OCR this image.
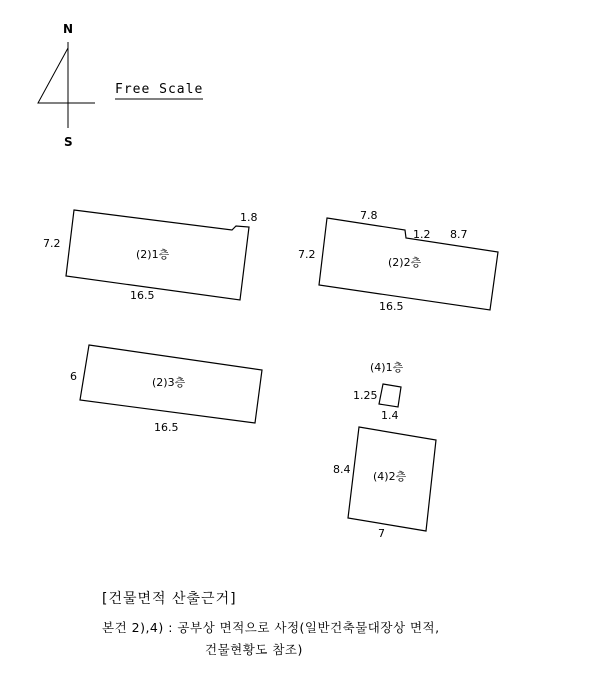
N
S
Free Scale
(2)1층
1.8
7.2
16.5
(2)2층
7.8
1.2 8.7
7.2
16.5
(2)3층
6
16.5
(4)1층
1.25
1.4
(4)2층
8.4
7
[건물면적 산출근거]
본건 2),4) : 공부상 면적으로 사정(일반건축물대장상 면적,
건물현황도 참조)
